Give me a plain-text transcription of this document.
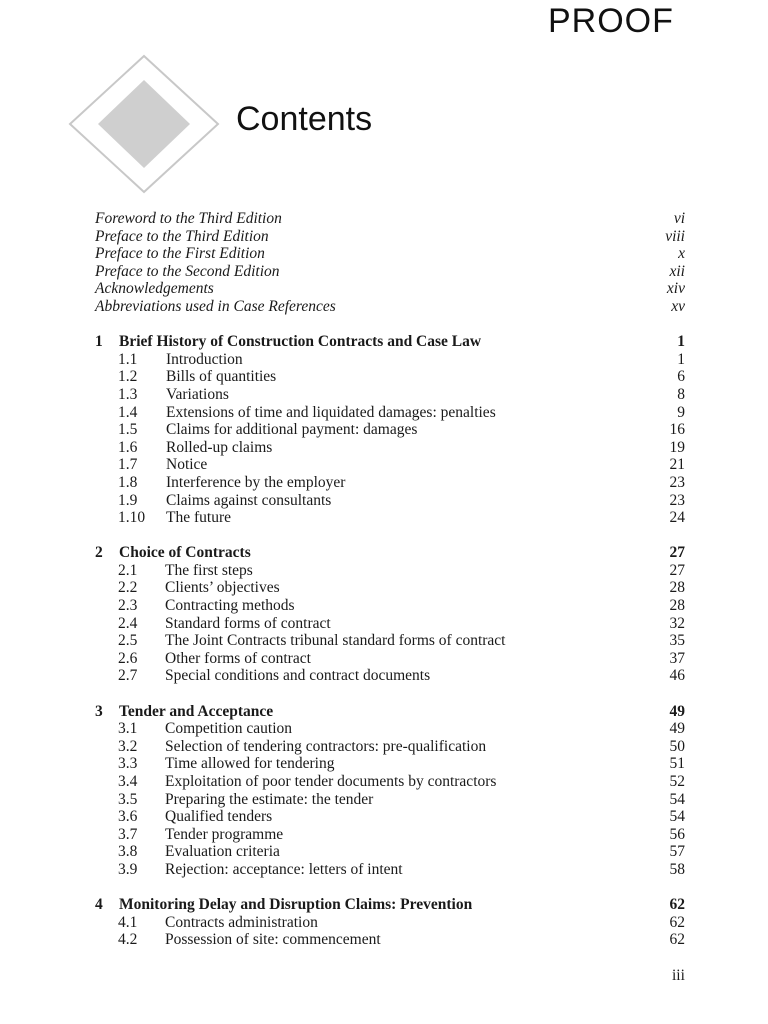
PROOF
Contents
Foreword to the Third Edition	vi
Preface to the Third Edition	viii
Preface to the First Edition	x
Preface to the Second Edition	xii
Acknowledgements	xiv
Abbreviations used in Case References	xv
1	Brief History of Construction Contracts and Case Law	1
1.1	Introduction	1
1.2	Bills of quantities	6
1.3	Variations	8
1.4	Extensions of time and liquidated damages: penalties	9
1.5	Claims for additional payment: damages	16
1.6	Rolled-up claims	19
1.7	Notice	21
1.8	Interference by the employer	23
1.9	Claims against consultants	23
1.10	The future	24
2	Choice of Contracts	27
2.1	The first steps	27
2.2	Clients’ objectives	28
2.3	Contracting methods	28
2.4	Standard forms of contract	32
2.5	The Joint Contracts tribunal standard forms of contract	35
2.6	Other forms of contract	37
2.7	Special conditions and contract documents	46
3	Tender and Acceptance	49
3.1	Competition caution	49
3.2	Selection of tendering contractors: pre-qualification	50
3.3	Time allowed for tendering	51
3.4	Exploitation of poor tender documents by contractors	52
3.5	Preparing the estimate: the tender	54
3.6	Qualified tenders	54
3.7	Tender programme	56
3.8	Evaluation criteria	57
3.9	Rejection: acceptance: letters of intent	58
4	Monitoring Delay and Disruption Claims: Prevention	62
4.1	Contracts administration	62
4.2	Possession of site: commencement	62
iii
